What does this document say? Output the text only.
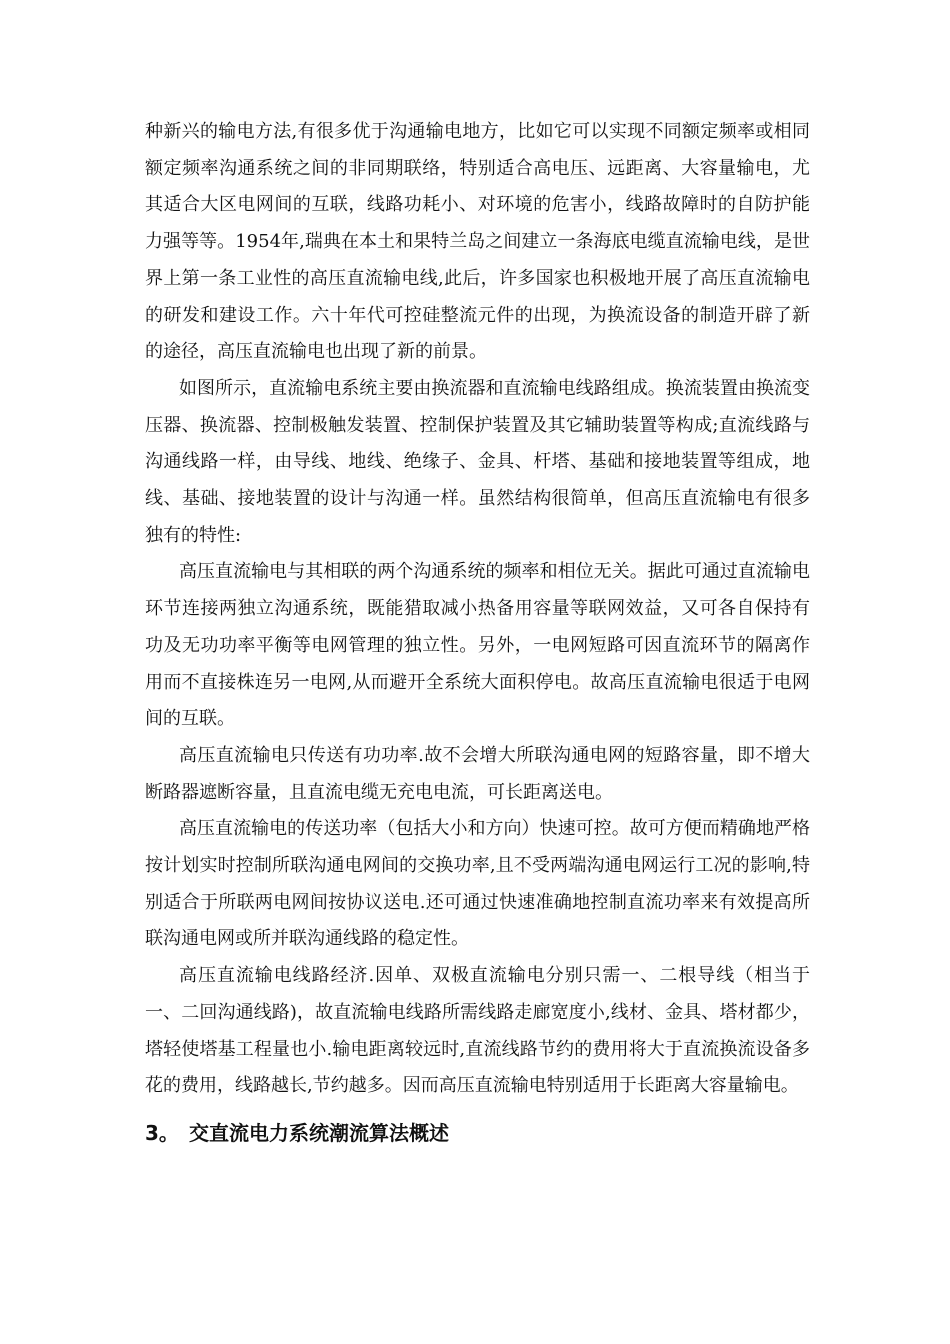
种新兴的输电方法,有很多优于沟通输电地方，比如它可以实现不同额定频率或相同额定频率沟通系统之间的非同期联络，特别适合高电压、远距离、大容量输电，尤其适合大区电网间的互联，线路功耗小、对环境的危害小，线路故障时的自防护能力强等等。1954年,瑞典在本土和果特兰岛之间建立一条海底电缆直流输电线，是世界上第一条工业性的高压直流输电线,此后，许多国家也积极地开展了高压直流输电的研发和建设工作。六十年代可控硅整流元件的出现，为换流设备的制造开辟了新的途径，高压直流输电也出现了新的前景。

如图所示，直流输电系统主要由换流器和直流输电线路组成。换流装置由换流变压器、换流器、控制极触发装置、控制保护装置及其它辅助装置等构成;直流线路与沟通线路一样，由导线、地线、绝缘子、金具、杆塔、基础和接地装置等组成，地线、基础、接地装置的设计与沟通一样。虽然结构很简单，但高压直流输电有很多独有的特性:

高压直流输电与其相联的两个沟通系统的频率和相位无关。据此可通过直流输电环节连接两独立沟通系统，既能猎取减小热备用容量等联网效益，又可各自保持有功及无功功率平衡等电网管理的独立性。另外，一电网短路可因直流环节的隔离作用而不直接株连另一电网,从而避开全系统大面积停电。故高压直流输电很适于电网间的互联。

高压直流输电只传送有功功率.故不会增大所联沟通电网的短路容量，即不增大断路器遮断容量，且直流电缆无充电电流，可长距离送电。

高压直流输电的传送功率（包括大小和方向）快速可控。故可方便而精确地严格按计划实时控制所联沟通电网间的交换功率,且不受两端沟通电网运行工况的影响,特别适合于所联两电网间按协议送电.还可通过快速准确地控制直流功率来有效提高所联沟通电网或所并联沟通线路的稳定性。

高压直流输电线路经济.因单、双极直流输电分别只需一、二根导线（相当于一、二回沟通线路)，故直流输电线路所需线路走廊宽度小,线材、金具、塔材都少，塔轻使塔基工程量也小.输电距离较远时,直流线路节约的费用将大于直流换流设备多花的费用，线路越长,节约越多。因而高压直流输电特别适用于长距离大容量输电。

3。 交直流电力系统潮流算法概述
